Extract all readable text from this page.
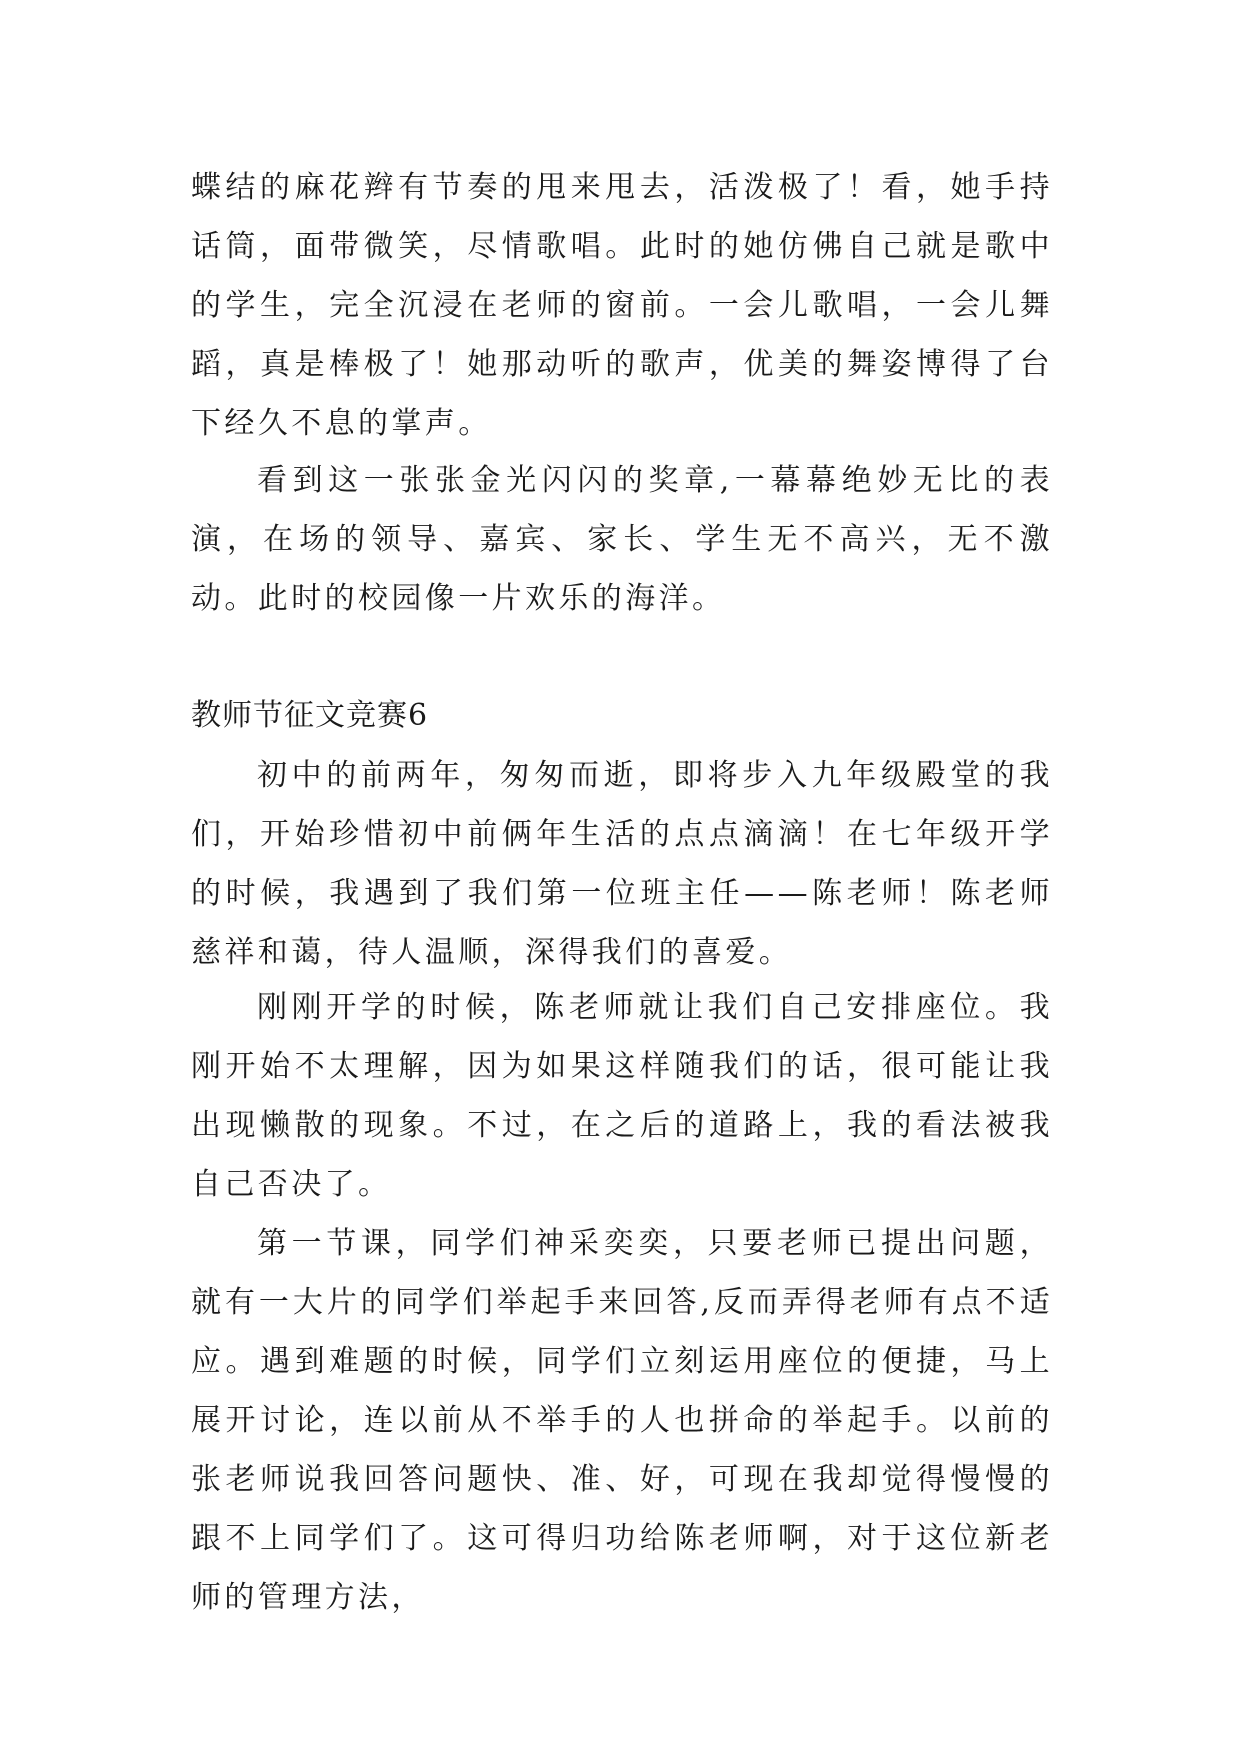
蝶结的麻花辫有节奏的甩来甩去，活泼极了！看，她手持话筒，面带微笑，尽情歌唱。此时的她仿佛自己就是歌中的学生，完全沉浸在老师的窗前。一会儿歌唱，一会儿舞蹈，真是棒极了！她那动听的歌声，优美的舞姿博得了台下经久不息的掌声。

看到这一张张金光闪闪的奖章,一幕幕绝妙无比的表演，在场的领导、嘉宾、家长、学生无不高兴，无不激动。此时的校园像一片欢乐的海洋。

教师节征文竞赛6

初中的前两年，匆匆而逝，即将步入九年级殿堂的我们，开始珍惜初中前俩年生活的点点滴滴！在七年级开学的时候，我遇到了我们第一位班主任——陈老师！陈老师慈祥和蔼，待人温顺，深得我们的喜爱。

刚刚开学的时候，陈老师就让我们自己安排座位。我刚开始不太理解，因为如果这样随我们的话，很可能让我出现懒散的现象。不过，在之后的道路上，我的看法被我自己否决了。

第一节课，同学们神采奕奕，只要老师已提出问题，就有一大片的同学们举起手来回答,反而弄得老师有点不适应。遇到难题的时候，同学们立刻运用座位的便捷，马上展开讨论，连以前从不举手的人也拼命的举起手。以前的张老师说我回答问题快、准、好，可现在我却觉得慢慢的跟不上同学们了。这可得归功给陈老师啊，对于这位新老师的管理方法，
